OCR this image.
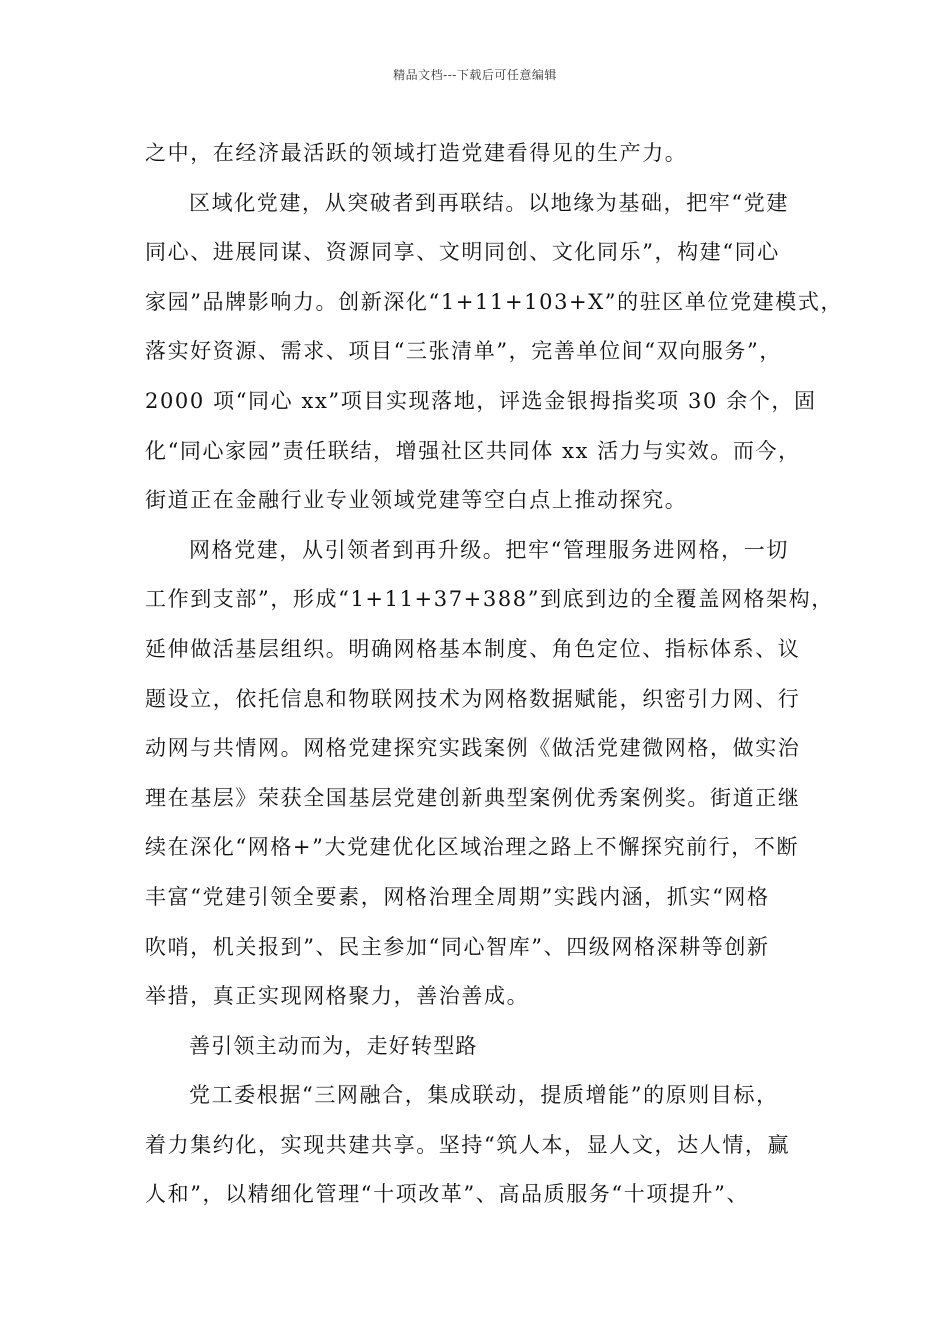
精品文档---下载后可任意编辑
之中，在经济最活跃的领域打造党建看得见的生产力。
区域化党建，从突破者到再联结。以地缘为基础，把牢“党建
同心、进展同谋、资源同享、文明同创、文化同乐”，构建“同心
家园”品牌影响力。创新深化“1+11+103+X”的驻区单位党建模式，
落实好资源、需求、项目“三张清单”，完善单位间“双向服务”，
2000 项“同心 xx”项目实现落地，评选金银拇指奖项 30 余个，固
化“同心家园”责任联结，增强社区共同体 xx 活力与实效。而今，
街道正在金融行业专业领域党建等空白点上推动探究。
网格党建，从引领者到再升级。把牢“管理服务进网格，一切
工作到支部”，形成“1+11+37+388”到底到边的全覆盖网格架构，
延伸做活基层组织。明确网格基本制度、角色定位、指标体系、议
题设立，依托信息和物联网技术为网格数据赋能，织密引力网、行
动网与共情网。网格党建探究实践案例《做活党建微网格，做实治
理在基层》荣获全国基层党建创新典型案例优秀案例奖。街道正继
续在深化“网格+”大党建优化区域治理之路上不懈探究前行，不断
丰富“党建引领全要素，网格治理全周期”实践内涵，抓实“网格
吹哨，机关报到”、民主参加“同心智库”、四级网格深耕等创新
举措，真正实现网格聚力，善治善成。
善引领主动而为，走好转型路
党工委根据“三网融合，集成联动，提质增能”的原则目标，
着力集约化，实现共建共享。坚持“筑人本，显人文，达人情，赢
人和”，以精细化管理“十项改革”、高品质服务“十项提升”、
